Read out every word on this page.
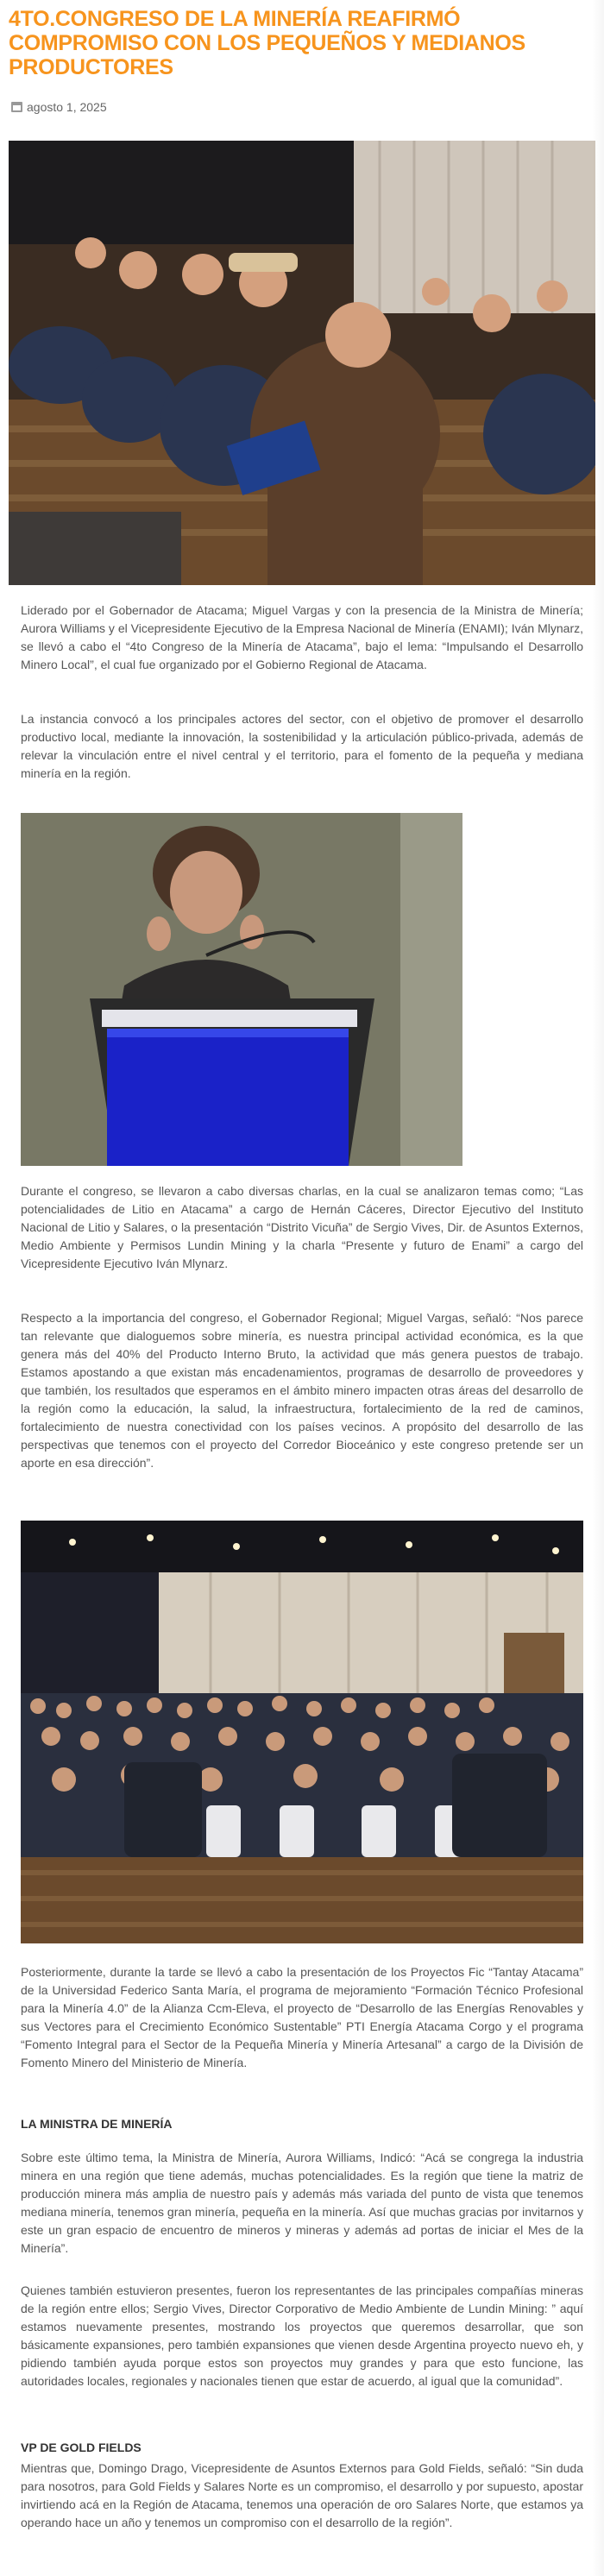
4TO.CONGRESO DE LA MINERÍA REAFIRMÓ COMPROMISO CON LOS PEQUEÑOS Y MEDIANOS PRODUCTORES
agosto 1, 2025

Liderado por el Gobernador de Atacama; Miguel Vargas y con la presencia de la Ministra de Minería; Aurora Williams y el Vicepresidente Ejecutivo de la Empresa Nacional de Minería (ENAMI); Iván Mlynarz, se llevó a cabo el “4to Congreso de la Minería de Atacama”, bajo el lema: “Impulsando el Desarrollo Minero Local”, el cual fue organizado por el Gobierno Regional de Atacama.

La instancia convocó a los principales actores del sector, con el objetivo de promover el desarrollo productivo local, mediante la innovación, la sostenibilidad y la articulación público-privada, además de relevar la vinculación entre el nivel central y el territorio, para el fomento de la pequeña y mediana minería en la región.

Durante el congreso, se llevaron a cabo diversas charlas, en la cual se analizaron temas como; “Las potencialidades de Litio en Atacama” a cargo de Hernán Cáceres, Director Ejecutivo del Instituto Nacional de Litio y Salares, o la presentación “Distrito Vicuña” de Sergio Vives, Dir. de Asuntos Externos, Medio Ambiente y Permisos Lundin Mining y la charla “Presente y futuro de Enami” a cargo del Vicepresidente Ejecutivo Iván Mlynarz.

Respecto a la importancia del congreso, el Gobernador Regional; Miguel Vargas, señaló: “Nos parece tan relevante que dialoguemos sobre minería, es nuestra principal actividad económica, es la que genera más del 40% del Producto Interno Bruto, la actividad que más genera puestos de trabajo. Estamos apostando a que existan más encadenamientos, programas de desarrollo de proveedores y que también, los resultados que esperamos en el ámbito minero impacten otras áreas del desarrollo de la región como la educación, la salud, la infraestructura, fortalecimiento de la red de caminos, fortalecimiento de nuestra conectividad con los países vecinos. A propósito del desarrollo de las perspectivas que tenemos con el proyecto del Corredor Bioceánico y este congreso pretende ser un aporte en esa dirección”.

Posteriormente, durante la tarde se llevó a cabo la presentación de los Proyectos Fic “Tantay Atacama” de la Universidad Federico Santa María, el programa de mejoramiento “Formación Técnico Profesional para la Minería 4.0” de la Alianza Ccm-Eleva, el proyecto de “Desarrollo de las Energías Renovables y sus Vectores para el Crecimiento Económico Sustentable” PTI Energía Atacama Corgo y el programa “Fomento Integral para el Sector de la Pequeña Minería y Minería Artesanal” a cargo de la División de Fomento Minero del Ministerio de Minería.

LA MINISTRA DE MINERÍA

Sobre este último tema, la Ministra de Minería, Aurora Williams, Indicó: “Acá se congrega la industria minera en una región que tiene además, muchas potencialidades. Es la región que tiene la matriz de producción minera más amplia de nuestro país y además más variada del punto de vista que tenemos mediana minería, tenemos gran minería, pequeña en la minería. Así que muchas gracias por invitarnos y este un gran espacio de encuentro de mineros y mineras y además ad portas de iniciar el Mes de la Minería”.

Quienes también estuvieron presentes, fueron los representantes de las principales compañías mineras de la región entre ellos; Sergio Vives, Director Corporativo de Medio Ambiente de Lundin Mining: ” aquí estamos nuevamente presentes, mostrando los proyectos que queremos desarrollar, que son básicamente expansiones, pero también expansiones que vienen desde Argentina proyecto nuevo eh, y pidiendo también ayuda porque estos son proyectos muy grandes y para que esto funcione, las autoridades locales, regionales y nacionales tienen que estar de acuerdo, al igual que la comunidad”.

VP DE GOLD FIELDS

Mientras que, Domingo Drago, Vicepresidente de Asuntos Externos para Gold Fields, señaló: “Sin duda para nosotros, para Gold Fields y Salares Norte es un compromiso, el desarrollo y por supuesto, apostar invirtiendo acá en la Región de Atacama, tenemos una operación de oro Salares Norte, que estamos ya operando hace un año y tenemos un compromiso con el desarrollo de la región”.
